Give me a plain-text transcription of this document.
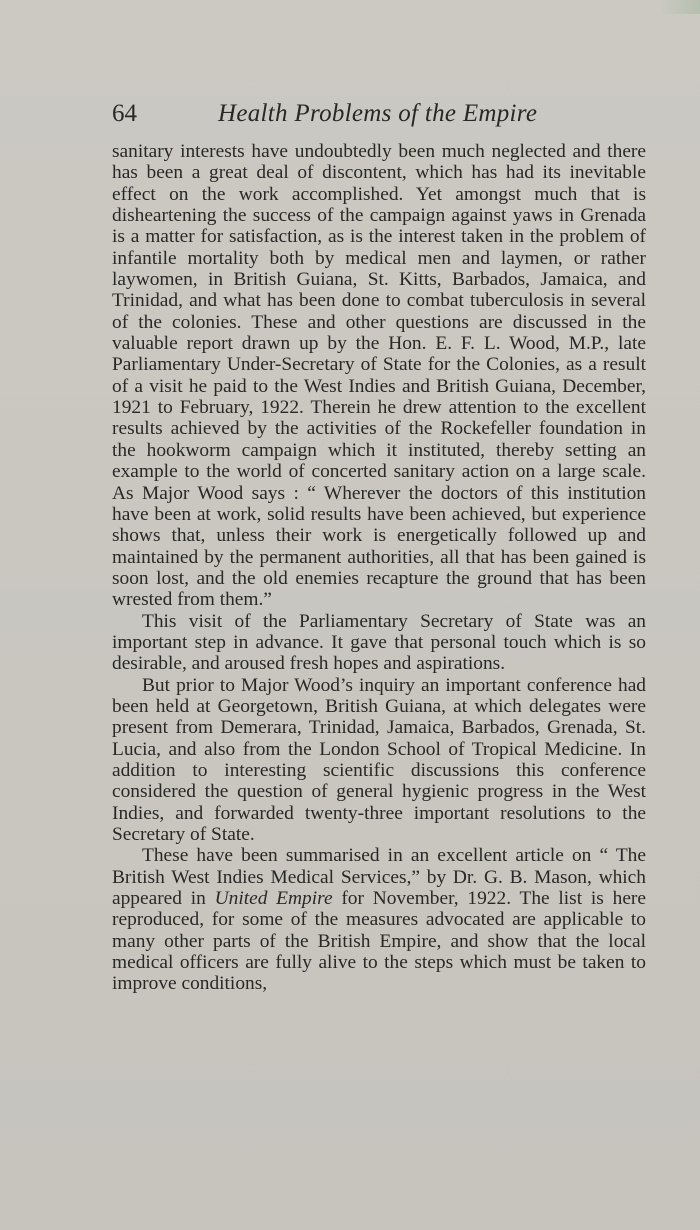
64	Health Problems of the Empire

sanitary interests have undoubtedly been much neglected and there has been a great deal of discontent, which has had its inevitable effect on the work accomplished. Yet amongst much that is disheartening the success of the campaign against yaws in Grenada is a matter for satisfaction, as is the interest taken in the problem of infantile mortality both by medical men and laymen, or rather laywomen, in British Guiana, St. Kitts, Barbados, Jamaica, and Trinidad, and what has been done to combat tuberculosis in several of the colonies. These and other questions are discussed in the valuable report drawn up by the Hon. E. F. L. Wood, M.P., late Parliamentary Under-Secretary of State for the Colonies, as a result of a visit he paid to the West Indies and British Guiana, December, 1921 to February, 1922. Therein he drew attention to the excellent results achieved by the activities of the Rockefeller foundation in the hookworm campaign which it instituted, thereby setting an example to the world of concerted sanitary action on a large scale. As Major Wood says : “ Wherever the doctors of this institution have been at work, solid results have been achieved, but experience shows that, unless their work is energetically followed up and maintained by the permanent authorities, all that has been gained is soon lost, and the old enemies recapture the ground that has been wrested from them.”

This visit of the Parliamentary Secretary of State was an important step in advance. It gave that personal touch which is so desirable, and aroused fresh hopes and aspirations.

But prior to Major Wood’s inquiry an important conference had been held at Georgetown, British Guiana, at which delegates were present from Demerara, Trinidad, Jamaica, Barbados, Grenada, St. Lucia, and also from the London School of Tropical Medicine. In addition to interesting scientific discussions this conference considered the question of general hygienic progress in the West Indies, and forwarded twenty-three important resolutions to the Secretary of State.

These have been summarised in an excellent article on “ The British West Indies Medical Services,” by Dr. G. B. Mason, which appeared in United Empire for November, 1922. The list is here reproduced, for some of the measures advocated are applicable to many other parts of the British Empire, and show that the local medical officers are fully alive to the steps which must be taken to improve conditions,
